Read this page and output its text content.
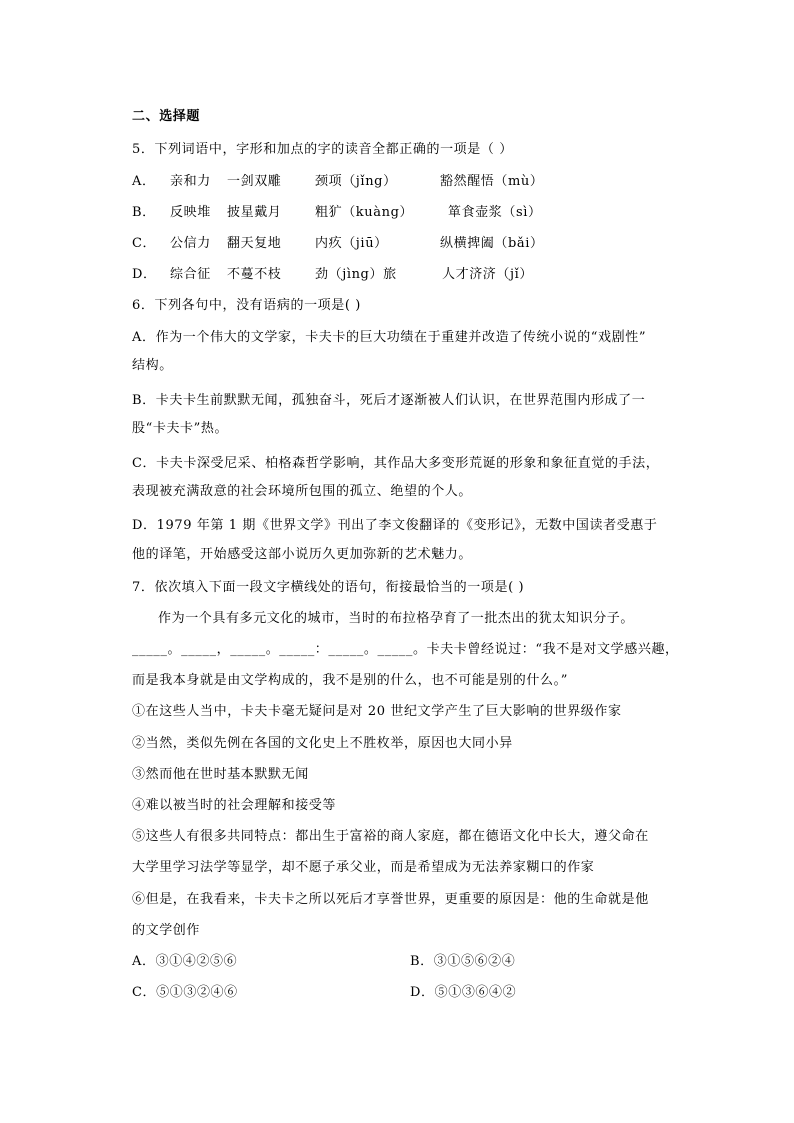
二、选择题
5．下列词语中，字形和加点的字的读音全都正确的一项是（ ）
A． 亲和力 一剑双雕	颈项（jǐng）	豁然醒悟（mù）
B． 反映堆 披星戴月	粗犷（kuàng）	箪食壶浆（sì）
C． 公信力 翻天复地	内疚（jiū）	纵横捭阖（bǎi）
D． 综合征 不蔓不枝	劲（jìng）旅	人才济济（jǐ）
6．下列各句中，没有语病的一项是( )
A．作为一个伟大的文学家，卡夫卡的巨大功绩在于重建并改造了传统小说的“戏剧性”
结构。
B．卡夫卡生前默默无闻，孤独奋斗，死后才逐渐被人们认识，在世界范围内形成了一
股“卡夫卡”热。
C．卡夫卡深受尼采、柏格森哲学影响，其作品大多变形荒诞的形象和象征直觉的手法，
表现被充满敌意的社会环境所包围的孤立、绝望的个人。
D．1979 年第 1 期《世界文学》刊出了李文俊翻译的《变形记》，无数中国读者受惠于
他的译笔，开始感受这部小说历久更加弥新的艺术魅力。
7．依次填入下面一段文字横线处的语句，衔接最恰当的一项是( )
作为一个具有多元文化的城市，当时的布拉格孕育了一批杰出的犹太知识分子。
_____。_____，_____。_____：_____。_____。卡夫卡曾经说过：“我不是对文学感兴趣，
而是我本身就是由文学构成的，我不是别的什么，也不可能是别的什么。”
①在这些人当中，卡夫卡毫无疑问是对 20 世纪文学产生了巨大影响的世界级作家
②当然，类似先例在各国的文化史上不胜枚举，原因也大同小异
③然而他在世时基本默默无闻
④难以被当时的社会理解和接受等
⑤这些人有很多共同特点：都出生于富裕的商人家庭，都在德语文化中长大，遵父命在
大学里学习法学等显学，却不愿子承父业，而是希望成为无法养家糊口的作家
⑥但是，在我看来，卡夫卡之所以死后才享誉世界，更重要的原因是：他的生命就是他
的文学创作
A．③①④②⑤⑥	B．③①⑤⑥②④
C．⑤①③②④⑥	D．⑤①③⑥④②
